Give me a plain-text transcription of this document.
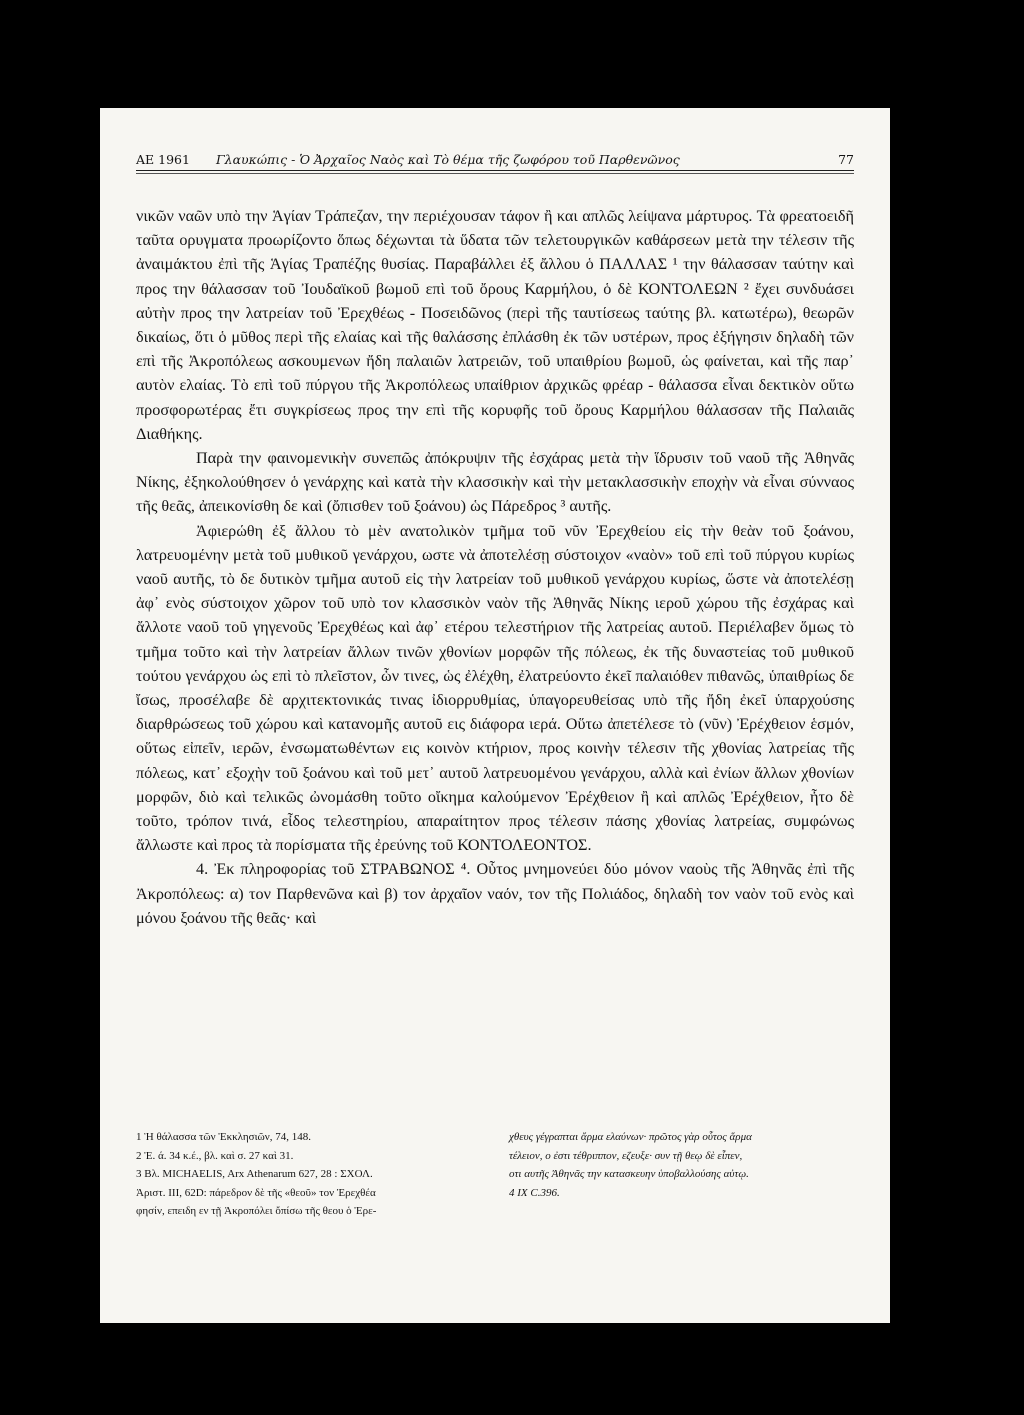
ΑΕ 1961	Γλαυκώπις - Ὁ Ἀρχαῖος Ναὸς καὶ Τὸ θέμα τῆς ζωφόρου τοῦ Παρθενῶνος	77

νικῶν ναῶν υπὸ την Ἁγίαν Τράπεζαν, την περιέχουσαν τάφον ἢ και απλῶς λείψανα μάρτυρος. Τὰ φρεατοειδῆ ταῦτα ορυγματα προωρίζοντο ὅπως δέχωνται τὰ ὕδατα τῶν τελετουργικῶν καθάρσεων μετὰ την τέλεσιν τῆς ἀναιμάκτου ἐπὶ τῆς Ἁγίας Τραπέζης θυσίας. Παραβάλλει ἐξ ἄλλου ὁ ΠΑΛΛΑΣ ¹ την θάλασσαν ταύτην καὶ προς την θάλασσαν τοῦ Ἰουδαϊκοῦ βωμοῦ επὶ τοῦ ὄρους Καρμήλου, ὁ δὲ ΚΟΝΤΟΛΕΩΝ ² ἔχει συνδυάσει αὐτὴν προς την λατρείαν τοῦ Ἐρεχθέως - Ποσειδῶνος (περὶ τῆς ταυτίσεως ταύτης βλ. κατωτέρω), θεωρῶν δικαίως, ὅτι ὁ μῦθος περὶ τῆς ελαίας καὶ τῆς θαλάσσης ἐπλάσθη ἐκ τῶν υστέρων, προς ἐξήγησιν δηλαδὴ τῶν επὶ τῆς Ἀκροπόλεως ασκουμενων ἤδη παλαιῶν λατρειῶν, τοῦ υπαιθρίου βωμοῦ, ὡς φαίνεται, καὶ τῆς παρ᾽ αυτὸν ελαίας. Τὸ επὶ τοῦ πύργου τῆς Ἀκροπόλεως υπαίθριον ἀρχικῶς φρέαρ - θάλασσα εἶναι δεκτικὸν οὕτω προσφορωτέρας ἔτι συγκρίσεως προς την επὶ τῆς κορυφῆς τοῦ ὄρους Καρμήλου θάλασσαν τῆς Παλαιᾶς Διαθήκης.

Παρὰ την φαινομενικὴν συνεπῶς ἀπόκρυψιν τῆς ἐσχάρας μετὰ τὴν ἵδρυσιν τοῦ ναοῦ τῆς Ἀθηνᾶς Νίκης, ἐξηκολούθησεν ὁ γενάρχης καὶ κατὰ τὴν κλασσικὴν καὶ τὴν μετακλασσικὴν εποχὴν νὰ εἶναι σύνναος τῆς θεᾶς, ἀπεικονίσθη δε καὶ (ὄπισθεν τοῦ ξοάνου) ὡς Πάρεδρος ³ αυτῆς.

Ἀφιερώθη ἐξ ἄλλου τὸ μὲν ανατολικὸν τμῆμα τοῦ νῦν Ἐρεχθείου εἰς τὴν θεὰν τοῦ ξοάνου, λατρευομένην μετὰ τοῦ μυθικοῦ γενάρχου, ωστε νὰ ἀποτελέσῃ σύστοιχον «ναὸν» τοῦ επὶ τοῦ πύργου κυρίως ναοῦ αυτῆς, τὸ δε δυτικὸν τμῆμα αυτοῦ εἰς τὴν λατρείαν τοῦ μυθικοῦ γενάρχου κυρίως, ὥστε νὰ ἀποτελέσῃ ἀφ᾽ ενὸς σύστοιχον χῶρον τοῦ υπὸ τον κλασσικὸν ναὸν τῆς Ἀθηνᾶς Νίκης ιεροῦ χώρου τῆς ἐσχάρας καὶ ἄλλοτε ναοῦ τοῦ γηγενοῦς Ἐρεχθέως καὶ ἀφ᾽ ετέρου τελεστήριον τῆς λατρείας αυτοῦ. Περιέλαβεν ὅμως τὸ τμῆμα τοῦτο καὶ τὴν λατρείαν ἄλλων τινῶν χθονίων μορφῶν τῆς πόλεως, ἐκ τῆς δυναστείας τοῦ μυθικοῦ τούτου γενάρχου ὡς επὶ τὸ πλεῖστον, ὧν τινες, ὡς ἐλέχθη, ἐλατρεύοντο ἐκεῖ παλαιόθεν πιθανῶς, ὑπαιθρίως δε ἴσως, προσέλαβε δὲ αρχιτεκτονικάς τινας ἰδιορρυθμίας, ὑπαγορευθείσας υπὸ τῆς ἤδη ἐκεῖ ὑπαρχούσης διαρθρώσεως τοῦ χώρου καὶ κατανομῆς αυτοῦ εις διάφορα ιερά. Οὕτω ἀπετέλεσε τὸ (νῦν) Ἐρέχθειον ἑσμόν, οὕτως εἰπεῖν, ιερῶν, ἐνσωματωθέντων εις κοινὸν κτήριον, προς κοινὴν τέλεσιν τῆς χθονίας λατρείας τῆς πόλεως, κατ᾽ εξοχὴν τοῦ ξοάνου καὶ τοῦ μετ᾽ αυτοῦ λατρευομένου γενάρχου, αλλὰ καὶ ἐνίων ἄλλων χθονίων μορφῶν, διὸ καὶ τελικῶς ὠνομάσθη τοῦτο οἴκημα καλούμενον Ἐρέχθειον ἢ καὶ απλῶς Ἐρέχθειον, ἦτο δὲ τοῦτο, τρόπον τινά, εἶδος τελεστηρίου, απαραίτητον προς τέλεσιν πάσης χθονίας λατρείας, συμφώνως ἄλλωστε καὶ προς τὰ πορίσματα τῆς ἐρεύνης τοῦ ΚΟΝΤΟΛΕΟΝΤΟΣ.

4. Ἐκ πληροφορίας τοῦ ΣΤΡΑΒΩΝΟΣ ⁴. Οὗτος μνημονεύει δύο μόνον ναοὺς τῆς Ἀθηνᾶς ἐπὶ τῆς Ἀκροπόλεως: α) τον Παρθενῶνα καὶ β) τον ἀρχαῖον ναόν, τον τῆς Πολιάδος, δηλαδὴ τον ναὸν τοῦ ενὸς καὶ μόνου ξοάνου τῆς θεᾶς· καὶ

1 Ἡ θάλασσα τῶν Ἐκκλησιῶν, 74, 148.
2 Ἐ. ά. 34 κ.έ., βλ. καὶ σ. 27 καὶ 31.
3 Βλ. MICHAELIS, Arx Athenarum 627, 28 : ΣΧΟΛ.
Ἀριστ. III, 62D: πάρεδρον δὲ τῆς «θεοῦ» τον Ἐρεχθέα
φησίν, επειδη εν τῇ Ἀκροπόλει ὄπίσω τῆς θεου ὁ Ἐρε-
χθευς γέγραπται ἄρμα ελαύνων· πρῶτος γὰρ οὗτος ἅρμα
τέλειον, ο ἐστι τέθριππον, εζευξε· συν τῇ θεῳ δὲ εἶπεν,
οτι αυτῆς Ἀθηνᾶς την κατασκευην ὑποβαλλούσης αὐτῳ.
4 IX C.396.
